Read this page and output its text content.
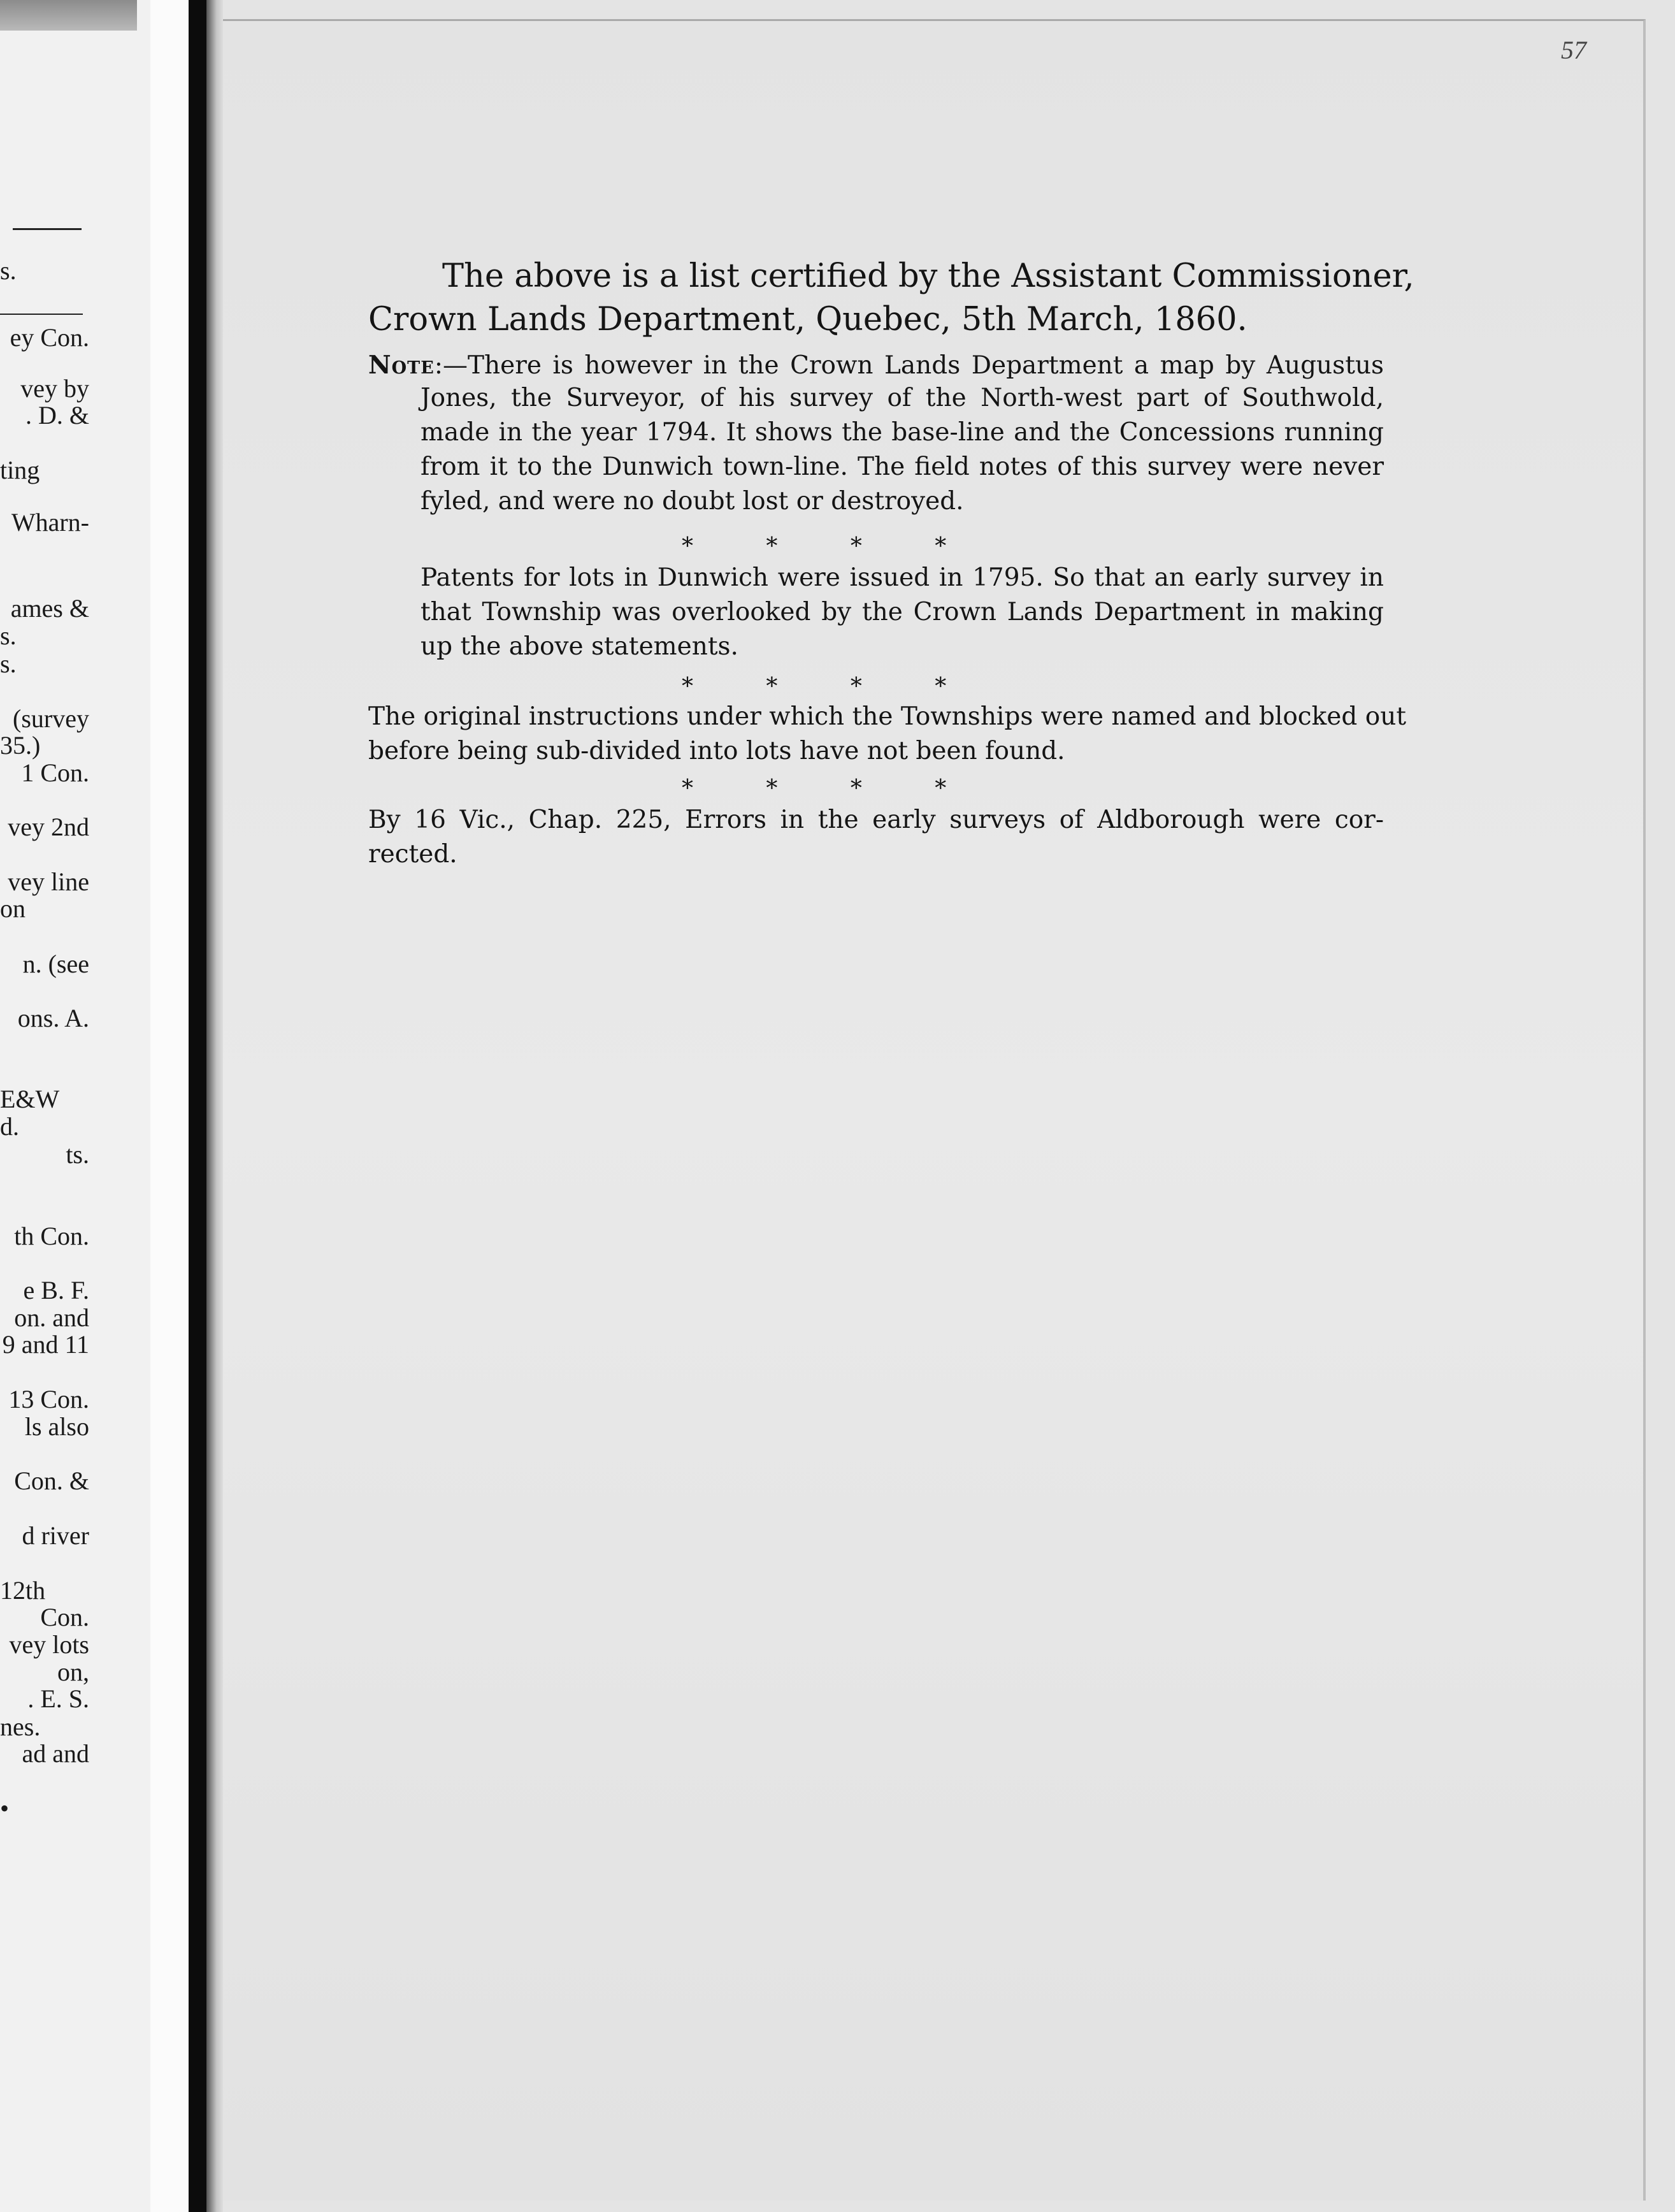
s.
ey Con.
vey by
. D. &
ting
Wharn-
ames &
s.
s.
(survey
35.)
1 Con.
vey 2nd
vey line
on
n. (see
ons. A.
E&W
d.
ts.
th Con.
e B. F.
on. and
9 and 11
13 Con.
ls also
Con. &
d river
12th
Con.
vey lots
on,
. E. S.
nes.
ad and
•
57
The above is a list certified by the Assistant Commissioner,
Crown Lands Department, Quebec, 5th March, 1860.
Note:—There is however in the Crown Lands Department a map by Augustus
Jones, the Surveyor, of his survey of the North-west part of Southwold,
made in the year 1794. It shows the base-line and the Concessions running
from it to the Dunwich town-line. The field notes of this survey were never
fyled, and were no doubt lost or destroyed.
*          *          *          *
Patents for lots in Dunwich were issued in 1795. So that an early survey in
that Township was overlooked by the Crown Lands Department in making
up the above statements.
*          *          *          *
The original instructions under which the Townships were named and blocked out
before being sub-divided into lots have not been found.
*          *          *          *
By 16 Vic., Chap. 225, Errors in the early surveys of Aldborough were cor-
rected.
